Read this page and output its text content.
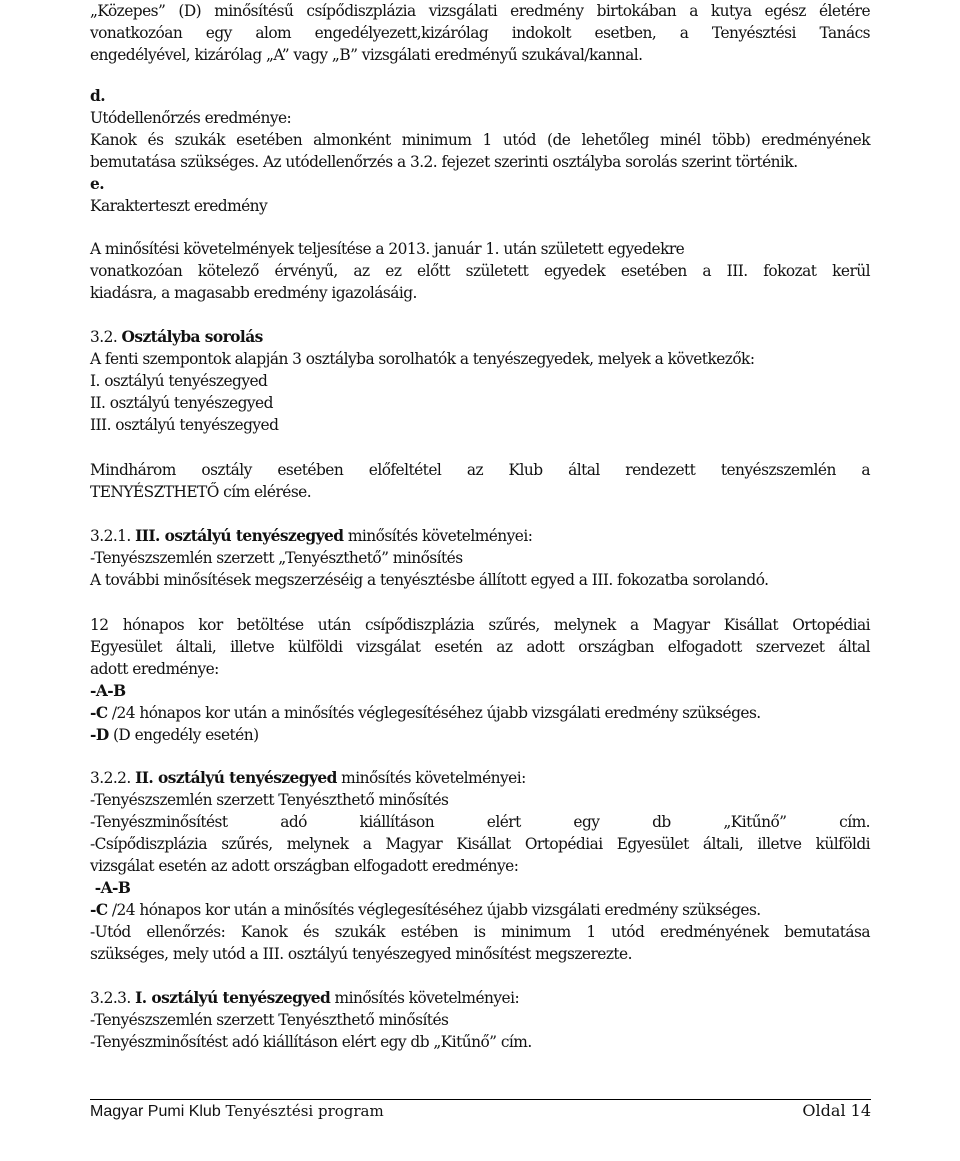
„Közepes” (D) minősítésű csípődiszplázia vizsgálati eredmény birtokában a kutya egész életére
vonatkozóan egy alom engedélyezett,kizárólag indokolt esetben, a Tenyésztési Tanács
engedélyével, kizárólag „A” vagy „B” vizsgálati eredményű szukával/kannal.
d.
Utódellenőrzés eredménye:
Kanok és szukák esetében almonként minimum 1 utód (de lehetőleg minél több) eredményének
bemutatása szükséges. Az utódellenőrzés a 3.2. fejezet szerinti osztályba sorolás szerint történik.
e.
Karakterteszt eredmény
A minősítési követelmények teljesítése a 2013. január 1. után született egyedekre
vonatkozóan kötelező érvényű, az ez előtt született egyedek esetében a III. fokozat kerül
kiadásra, a magasabb eredmény igazolásáig.
3.2. Osztályba sorolás
A fenti szempontok alapján 3 osztályba sorolhatók a tenyészegyedek, melyek a következők:
I. osztályú tenyészegyed
II. osztályú tenyészegyed
III. osztályú tenyészegyed
Mindhárom osztály esetében előfeltétel az Klub által rendezett tenyészszemlén a
TENYÉSZTHETŐ cím elérése.
3.2.1. III. osztályú tenyészegyed minősítés követelményei:
-Tenyészszemlén szerzett „Tenyészthető” minősítés
A további minősítések megszerzéséig a tenyésztésbe állított egyed a III. fokozatba sorolandó.
12 hónapos kor betöltése után csípődiszplázia szűrés, melynek a Magyar Kisállat Ortopédiai
Egyesület általi, illetve külföldi vizsgálat esetén az adott országban elfogadott szervezet által
adott eredménye:
-A-B
-C /24 hónapos kor után a minősítés véglegesítéséhez újabb vizsgálati eredmény szükséges.
-D (D engedély esetén)
3.2.2. II. osztályú tenyészegyed minősítés követelményei:
-Tenyészszemlén szerzett Tenyészthető minősítés
-Tenyészminősítést adó kiállításon elért egy db „Kitűnő” cím.
-Csípődiszplázia szűrés, melynek a Magyar Kisállat Ortopédiai Egyesület általi, illetve külföldi
vizsgálat esetén az adott országban elfogadott eredménye:
-A-B
-C /24 hónapos kor után a minősítés véglegesítéséhez újabb vizsgálati eredmény szükséges.
-Utód ellenőrzés: Kanok és szukák estében is minimum 1 utód eredményének bemutatása
szükséges, mely utód a III. osztályú tenyészegyed minősítést megszerezte.
3.2.3. I. osztályú tenyészegyed minősítés követelményei:
-Tenyészszemlén szerzett Tenyészthető minősítés
-Tenyészminősítést adó kiállításon elért egy db „Kitűnő” cím.
Magyar Pumi Klub Tenyésztési program	Oldal 14
